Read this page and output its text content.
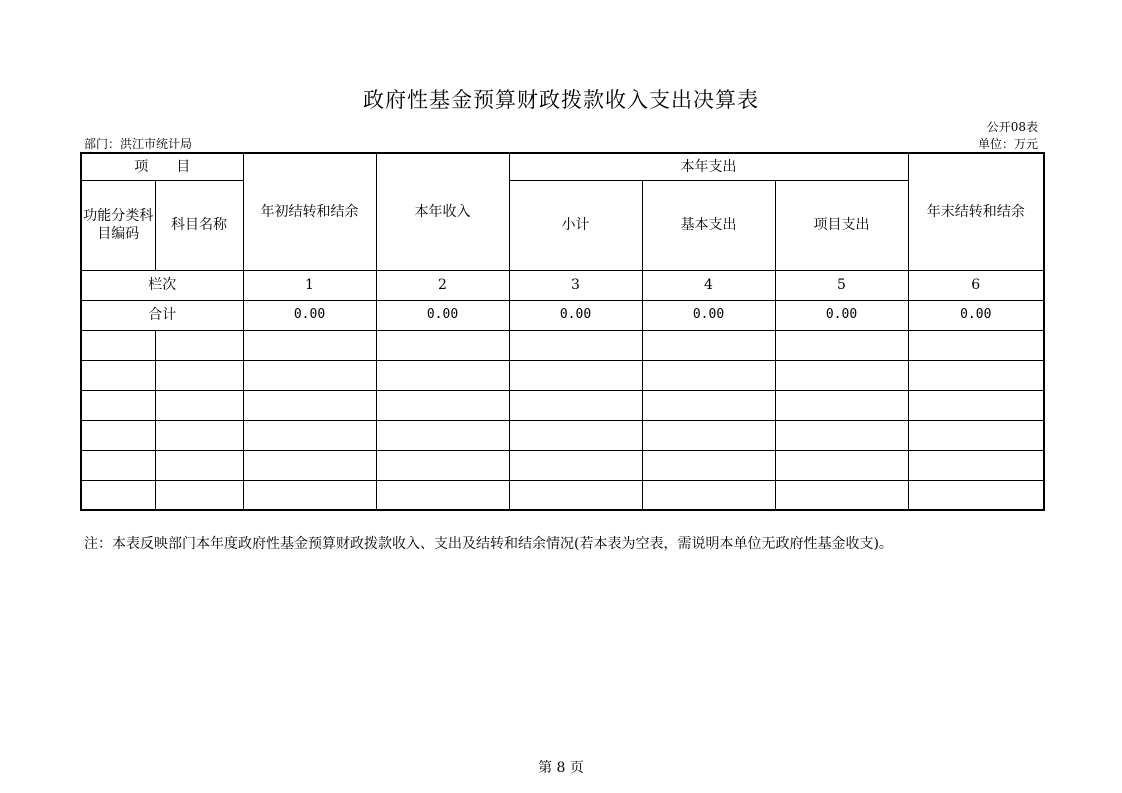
政府性基金预算财政拨款收入支出决算表
公开08表
部门：洪江市统计局	单位：万元
项　　目		年初结转和结余	本年收入	本年支出			年末结转和结余
功能分类科目编码	科目名称			小计	基本支出	项目支出	
栏次		1	2	3	4	5	6
合计		0.00	0.00	0.00	0.00	0.00	0.00

注：本表反映部门本年度政府性基金预算财政拨款收入、支出及结转和结余情况(若本表为空表，需说明本单位无政府性基金收支)。
第 8 页
